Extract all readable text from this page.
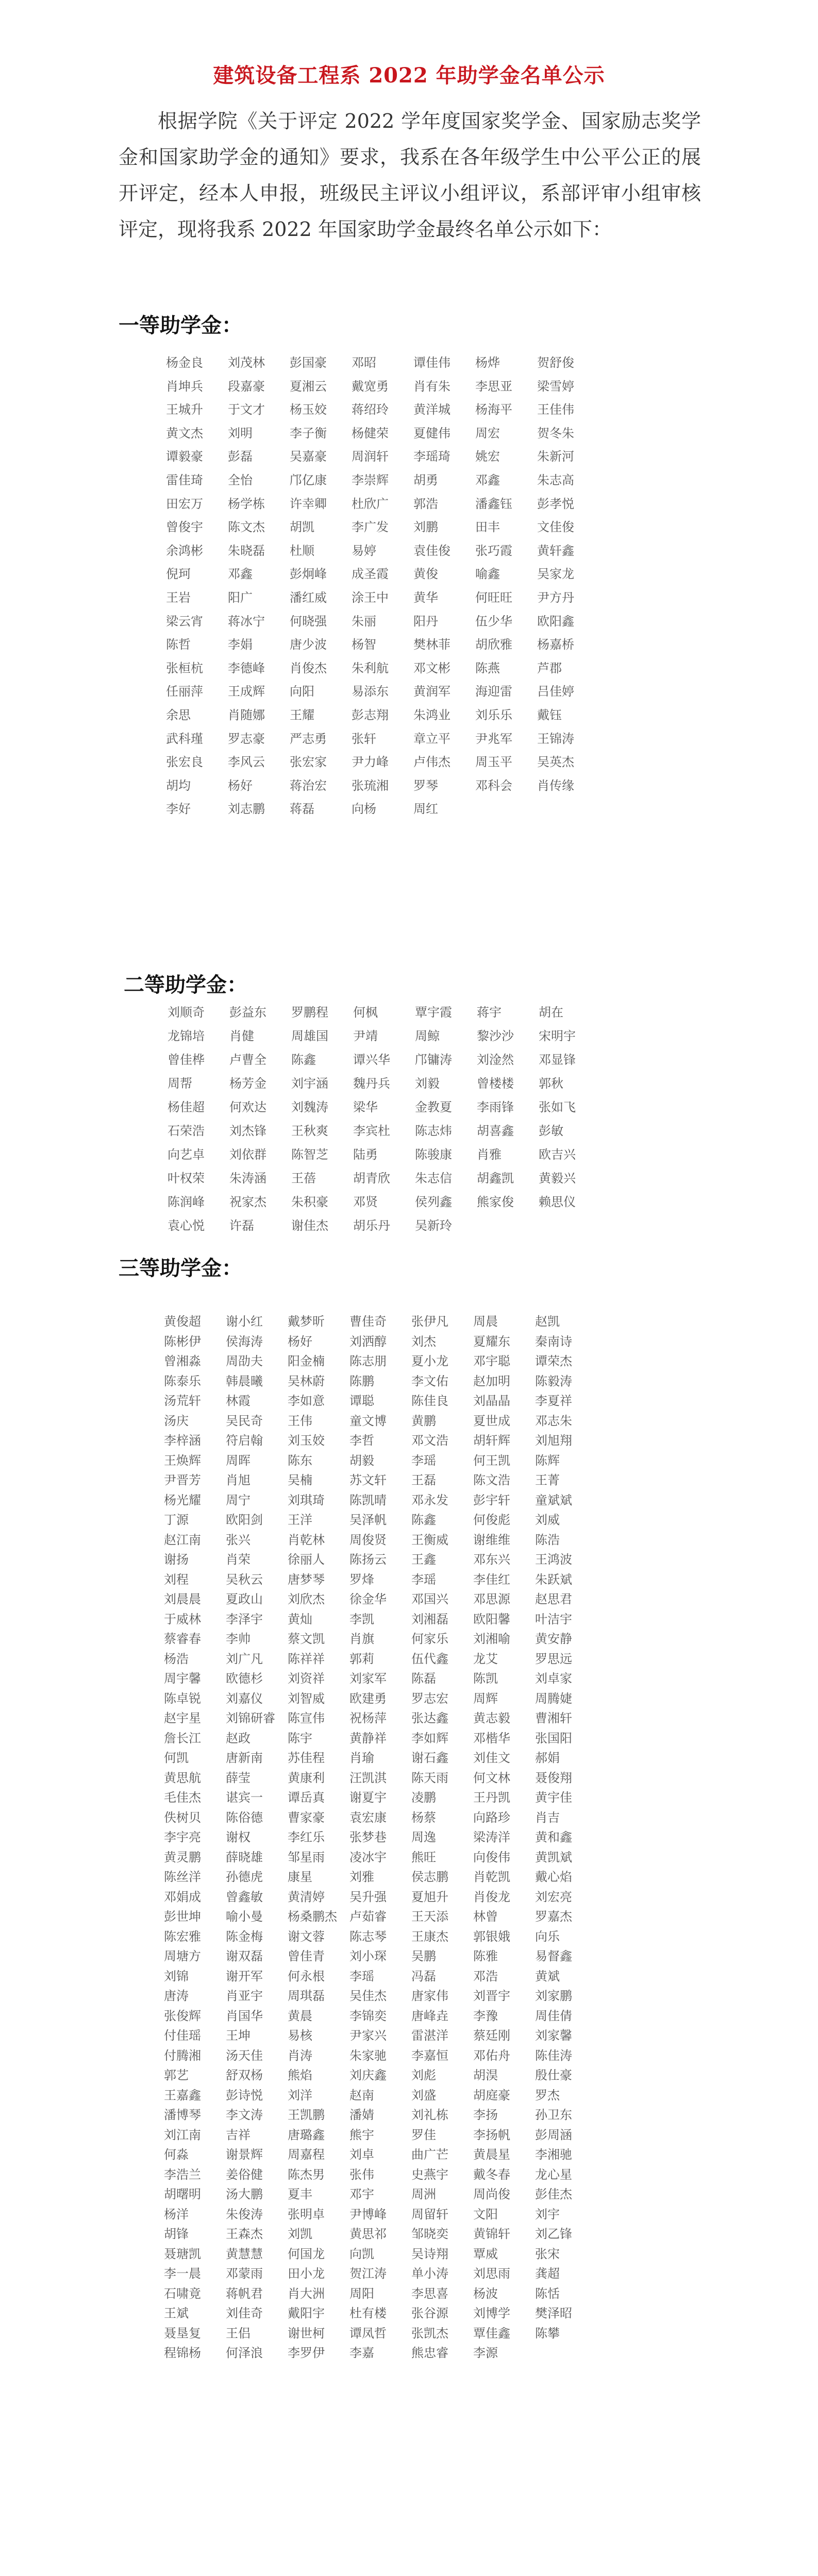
建筑设备工程系 2022 年助学金名单公示

根据学院《关于评定 2022 学年度国家奖学金、国家励志奖学金和国家助学金的通知》要求，我系在各年级学生中公平公正的展开评定，经本人申报，班级民主评议小组评议，系部评审小组审核评定，现将我系 2022 年国家助学金最终名单公示如下：

一等助学金：
杨金良	刘茂林	彭国豪	邓昭	谭佳伟	杨烨	贺舒俊
肖坤兵	段嘉豪	夏湘云	戴宽勇	肖有朱	李思亚	梁雪婷
王城升	于文才	杨玉姣	蒋绍玲	黄洋城	杨海平	王佳伟
黄文杰	刘明	李子衡	杨健荣	夏健伟	周宏	贺冬朱
谭毅豪	彭磊	吴嘉豪	周润轩	李瑶琦	姚宏	朱新河
雷佳琦	全怡	邝亿康	李崇辉	胡勇	邓鑫	朱志高
田宏万	杨学栋	许幸卿	杜欣广	郭浩	潘鑫钰	彭孝悦
曾俊宇	陈文杰	胡凯	李广发	刘鹏	田丰	文佳俊
余鸿彬	朱晓磊	杜顺	易婷	袁佳俊	张巧霞	黄轩鑫
倪珂	邓鑫	彭炯峰	成圣霞	黄俊	喻鑫	吴家龙
王岩	阳广	潘红威	涂王中	黄华	何旺旺	尹方丹
梁云宵	蒋冰宁	何晓强	朱丽	阳丹	伍少华	欧阳鑫
陈哲	李娟	唐少波	杨智	樊林菲	胡欣雅	杨嘉桥
张桓杭	李德峰	肖俊杰	朱利航	邓文彬	陈燕	芦郡
任丽萍	王成辉	向阳	易添东	黄润军	海迎雷	吕佳婷
余思	肖随娜	王耀	彭志翔	朱鸿业	刘乐乐	戴钰
武科瑾	罗志豪	严志勇	张轩	章立平	尹兆军	王锦涛
张宏良	李风云	张宏家	尹力峰	卢伟杰	周玉平	吴英杰
胡均	杨好	蒋治宏	张琉湘	罗琴	邓科会	肖传缘
李好	刘志鹏	蒋磊	向杨	周红
二等助学金：
刘顺奇	彭益东	罗鹏程	何枫	覃宇霞	蒋宇	胡在
龙锦培	肖健	周雄国	尹靖	周鲸	黎沙沙	宋明宇
曾佳桦	卢曹全	陈鑫	谭兴华	邝镛涛	刘淦然	邓显锋
周帮	杨芳金	刘宇涵	魏丹兵	刘毅	曾楼楼	郭秋
杨佳超	何欢达	刘魏涛	梁华	金教夏	李雨锋	张如飞
石荣浩	刘杰锋	王秋爽	李宾杜	陈志炜	胡喜鑫	彭敏
向艺卓	刘依群	陈智芝	陆勇	陈骏康	肖雅	欧吉兴
叶权荣	朱涛涵	王蓓	胡青欣	朱志信	胡鑫凯	黄毅兴
陈润峰	祝家杰	朱积豪	邓贤	侯列鑫	熊家俊	赖思仪
袁心悦	许磊	谢佳杰	胡乐丹	吴新玲
三等助学金：
黄俊超	谢小红	戴梦昕	曹佳奇	张伊凡	周晨	赵凯
陈彬伊	侯海涛	杨好	刘洒醇	刘杰	夏耀东	秦南诗
曾湘淼	周劭夫	阳金楠	陈志朋	夏小龙	邓宇聪	谭荣杰
陈泰乐	韩晨曦	吴林蔚	陈鹏	李文佑	赵加明	陈毅涛
汤荒轩	林霞	李如意	谭聪	陈佳良	刘晶晶	李夏祥
汤庆	吴民奇	王伟	童文博	黄鹏	夏世成	邓志朱
李梓涵	符启翰	刘玉姣	李哲	邓文浩	胡轩辉	刘旭翔
王焕辉	周晖	陈东	胡毅	李瑶	何王凯	陈辉
尹晋芳	肖旭	吴楠	苏文轩	王磊	陈文浩	王菁
杨光耀	周宁	刘琪琦	陈凯晴	邓永发	彭宇轩	童斌斌
丁源	欧阳剑	王洋	吴泽帆	陈鑫	何俊彪	刘威
赵江南	张兴	肖乾林	周俊贤	王衡威	谢维维	陈浩
谢扬	肖荣	徐丽人	陈扬云	王鑫	邓东兴	王鸿波
刘程	吴秋云	唐梦琴	罗烽	李瑶	李佳红	朱跃斌
刘晨晨	夏政山	刘欣杰	徐金华	邓国兴	邓思源	赵思君
于威林	李泽宇	黄灿	李凯	刘湘磊	欧阳馨	叶洁宇
蔡睿春	李帅	蔡文凯	肖旗	何家乐	刘湘喻	黄安静
杨浩	刘广凡	陈祥祥	郭莉	伍代鑫	龙艾	罗思远
周宇馨	欧德杉	刘资祥	刘家军	陈磊	陈凯	刘卓家
陈卓锐	刘嘉仪	刘智威	欧建勇	罗志宏	周辉	周腾婕
赵宇星	刘锦研睿	陈宣伟	祝杨萍	张达鑫	黄志毅	曹湘轩
詹长江	赵政	陈宇	黄静祥	李如辉	邓楷华	张国阳
何凯	唐新南	苏佳程	肖瑜	谢石鑫	刘佳文	郝娟
黄思航	薛莹	黄康利	汪凯淇	陈天雨	何文林	聂俊翔
毛佳杰	谌宾一	谭岳真	谢夏宇	凌鹏	王丹凯	黄宇佳
佚树贝	陈俗德	曹家豪	袁宏康	杨蔡	向路珍	肖吉
李宇亮	谢权	李红乐	张梦巷	周逸	梁涛洋	黄和鑫
黄灵鹏	薛晓雄	邹星雨	凌冰宇	熊旺	向俊伟	黄凯斌
陈丝洋	孙德虎	康星	刘雅	侯志鹏	肖乾凯	戴心焰
邓娟成	曾鑫敏	黄清婷	吴升强	夏旭升	肖俊龙	刘宏亮
彭世坤	喻小曼	杨桑鹏杰	卢茹睿	王天添	林曾	罗嘉杰
陈宏雅	陈金梅	谢文蓉	陈志琴	王康杰	郭银娥	向乐
周塘方	谢双磊	曾佳青	刘小琛	吴鹏	陈雅	易督鑫
刘锦	谢开军	何永根	李瑶	冯磊	邓浩	黄斌
唐涛	肖亚宇	周琪磊	吴佳杰	唐家伟	刘晋宇	刘家鹏
张俊辉	肖国华	黄晨	李锦奕	唐峰垚	李豫	周佳倩
付佳瑶	王坤	易核	尹家兴	雷湛洋	蔡廷刚	刘家馨
付腾湘	汤天佳	肖涛	朱家驰	李嘉恒	邓佑舟	陈佳涛
郭艺	舒双杨	熊焰	刘庆鑫	刘彪	胡淏	殷仕豪
王嘉鑫	彭诗悦	刘洋	赵南	刘盛	胡庭豪	罗杰
潘博琴	李文涛	王凯鹏	潘婧	刘礼栋	李扬	孙卫东
刘江南	吉祥	唐璐鑫	熊宇	罗佳	李扬帆	彭周涵
何淼	谢景辉	周嘉程	刘卓	曲广芒	黄晨星	李湘驰
李浩兰	姜俗健	陈杰男	张伟	史燕宇	戴冬春	龙心星
胡曙明	汤大鹏	夏丰	邓宇	周洲	周尚俊	彭佳杰
杨洋	朱俊涛	张明卓	尹博峰	周留轩	文阳	刘宇
胡锋	王森杰	刘凯	黄思祁	邹晓奕	黄锦轩	刘乙锋
聂瑭凯	黄慧慧	何国龙	向凯	吴诗翔	覃威	张宋
李一晨	邓蒙雨	田小龙	贺江涛	单小涛	刘思雨	龚超
石啸竟	蒋帆君	肖大洲	周阳	李思喜	杨波	陈恬
王斌	刘佳奇	戴阳宇	杜有楼	张谷源	刘博学	樊泽昭
聂垦复	王侣	谢世柯	谭凤哲	张凯杰	覃佳鑫	陈攀
程锦杨	何泽浪	李罗伊	李嘉	熊忠睿	李源
